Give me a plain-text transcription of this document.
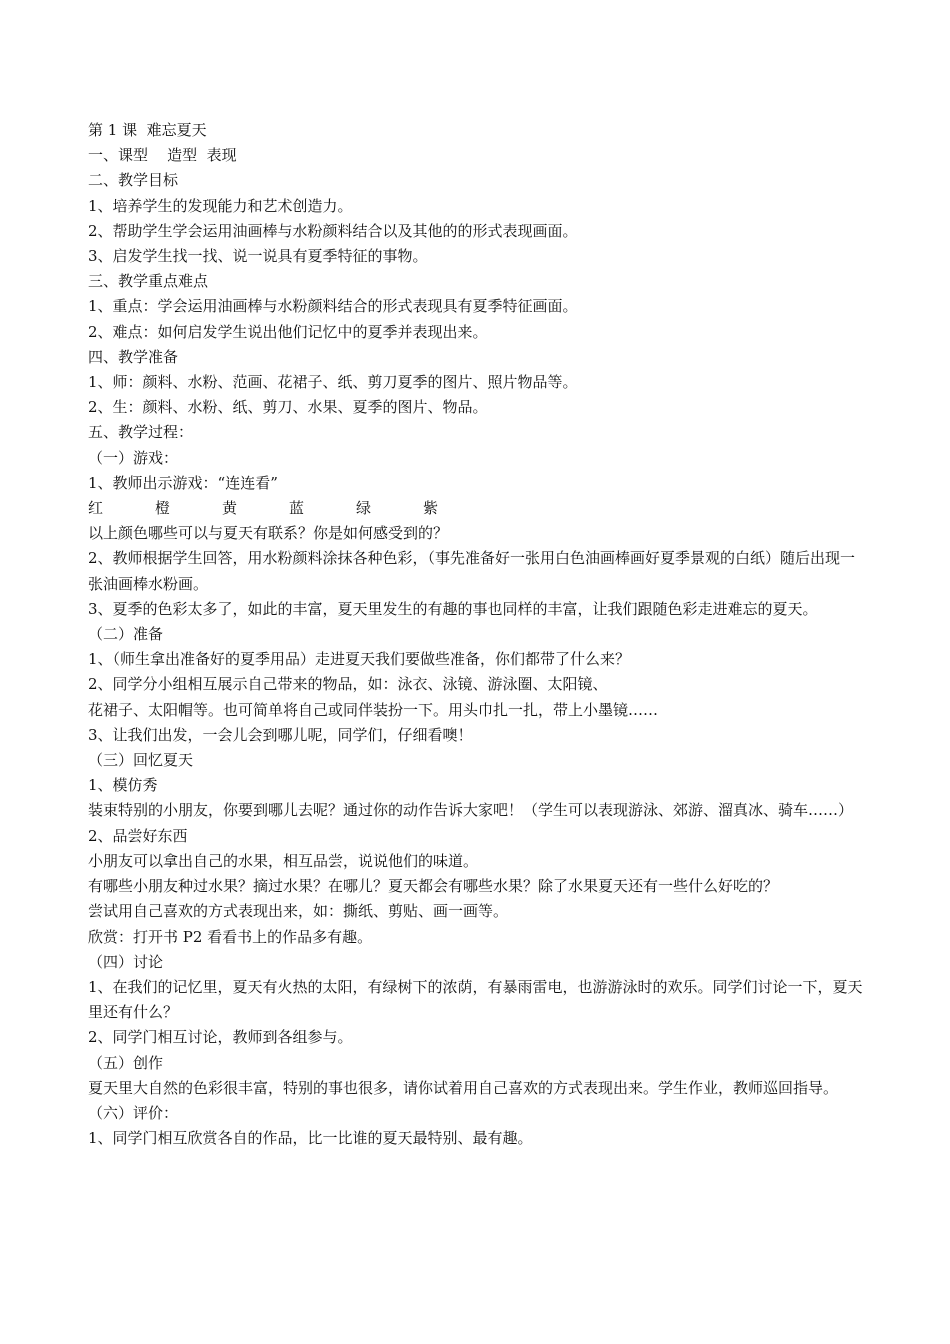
第 1 课  难忘夏天
一、课型    造型  表现
二、教学目标
1、培养学生的发现能力和艺术创造力。
2、帮助学生学会运用油画棒与水粉颜料结合以及其他的的形式表现画面。
3、启发学生找一找、说一说具有夏季特征的事物。
三、教学重点难点
1、重点：学会运用油画棒与水粉颜料结合的形式表现具有夏季特征画面。
2、难点：如何启发学生说出他们记忆中的夏季并表现出来。
四、教学准备
1、师：颜料、水粉、范画、花裙子、纸、剪刀夏季的图片、照片物品等。
2、生：颜料、水粉、纸、剪刀、水果、夏季的图片、物品。
五、教学过程：
（一）游戏：
1、教师出示游戏：“连连看”
红	橙	黄	蓝	绿	紫
以上颜色哪些可以与夏天有联系？你是如何感受到的？
2、教师根据学生回答，用水粉颜料涂抹各种色彩，（事先准备好一张用白色油画棒画好夏季景观的白纸）随后出现一张油画棒水粉画。
3、夏季的色彩太多了，如此的丰富，夏天里发生的有趣的事也同样的丰富，让我们跟随色彩走进难忘的夏天。
（二）准备
1、（师生拿出准备好的夏季用品）走进夏天我们要做些准备，你们都带了什么来？
2、同学分小组相互展示自己带来的物品，如：泳衣、泳镜、游泳圈、太阳镜、
花裙子、太阳帽等。也可简单将自己或同伴装扮一下。用头巾扎一扎，带上小墨镜……
3、让我们出发，一会儿会到哪儿呢，同学们，仔细看噢！
（三）回忆夏天
1、模仿秀
装束特别的小朋友，你要到哪儿去呢？通过你的动作告诉大家吧！（学生可以表现游泳、郊游、溜真冰、骑车……）
2、品尝好东西
小朋友可以拿出自己的水果，相互品尝，说说他们的味道。
有哪些小朋友种过水果？摘过水果？在哪儿？夏天都会有哪些水果？除了水果夏天还有一些什么好吃的？
尝试用自己喜欢的方式表现出来，如：撕纸、剪贴、画一画等。
欣赏：打开书 P2 看看书上的作品多有趣。
（四）讨论
1、在我们的记忆里，夏天有火热的太阳，有绿树下的浓荫，有暴雨雷电，也游游泳时的欢乐。同学们讨论一下，夏天里还有什么？
2、同学门相互讨论，教师到各组参与。
（五）创作
夏天里大自然的色彩很丰富，特别的事也很多，请你试着用自己喜欢的方式表现出来。学生作业，教师巡回指导。
（六）评价：
1、同学门相互欣赏各自的作品，比一比谁的夏天最特别、最有趣。
